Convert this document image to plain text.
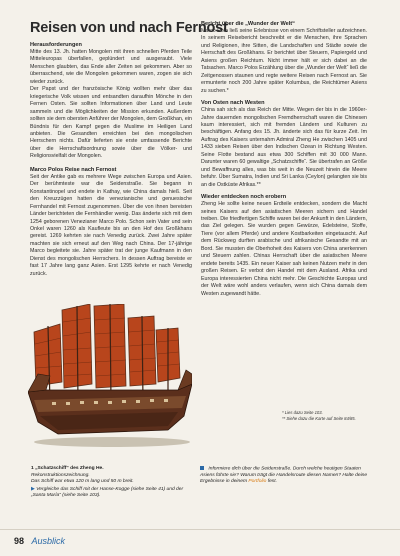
Reisen von und nach Fernost
Herausforderungen

Mitte des 13. Jh. hatten Mongolen mit ihren schnellen Pferden Teile Mitteleuropas überfallen, geplündert und ausgeraubt. Viele Menschen glaubten, das Ende aller Zeiten sei gekommen. Aber so überraschend, wie die Mongolen gekommen waren, zogen sie sich wieder zurück.

Der Papst und der französische König wollten mehr über das kriegerische Volk wissen und entsandten daraufhin Mönche in den Fernen Osten. Sie sollten Informationen über Land und Leute sammeln und die Möglichkeiten der Mission erkunden. Außerdem sollten sie dem obersten Anführer der Mongolen, dem Großkhan, ein Bündnis für den Kampf gegen die Muslime im Heiligen Land anbieten. Die Gesandten erreichten bei den mongolischen Herrschern nichts. Dafür lieferten sie erste umfassende Berichte über die Herrschaftsordnung sowie über die Völker- und Religionsvielfalt der Mongolen.

Marco Polos Reise nach Fernost

Seit der Antike gab es mehrere Wege zwischen Europa und Asien. Der berühmteste war die Seidenstraße. Sie begann in Konstantinopel und endete in Kathay, wie China damals hieß. Seit den Kreuzzügen hatten die venezianische und genuesische Fernhandel mit Fernost zugenommen. Über die von ihnen bereisten Länder berichteten die Fernhändler wenig. Das änderte sich mit dem 1254 geborenen Venezianer Marco Polo. Schon sein Vater und sein Onkel waren 1260 als Kaufleute bis an den Hof des Großkhans gereist. 1269 kehrten sie nach Venedig zurück. Zwei Jahre später machten sie sich erneut auf den Weg nach China. Der 17-jährige Marco begleitete sie. Jahre später trat der junge Kaufmann in den Dienst des mongolischen Herrschers. In dessen Auftrag bereiste er fast 17 Jahre lang ganz Asien. Erst 1295 kehrte er nach Venedig zurück.

Bericht über die „Wunder der Welt“

Marco Polo ließ seine Erlebnisse von einem Schriftsteller aufzeichnen. In seinem Reisebericht beschreibt er die Menschen, ihre Sprachen und Religionen, ihre Sitten, die Landschaften und Städte sowie die Herrschaft des Großkhans. Er berichtet über Steuern, Papiergeld und Asiens großen Reichtum. Nicht immer hält er sich dabei an die Tatsachen. Marco Polos Erzählung über die „Wunder der Welt“ ließ die Zeitgenossen staunen und regte weitere Reisen nach Fernost an. Sie ermunterte noch 200 Jahre später Kolumbus, die Reichtümer Asiens zu suchen.*

Von Osten nach Westen

China sah sich als das Reich der Mitte. Wegen der bis in die 1960er-Jahre dauernden mongolischen Fremdherrschaft waren die Chinesen kaum interessiert, sich mit fremden Ländern und Kulturen zu beschäftigen. Anfang des 15. Jh. änderte sich das für kurze Zeit. Im Auftrag des Kaisers unternahm Admiral Zheng He zwischen 1405 und 1433 sieben Reisen über den Indischen Ozean in Richtung Westen. Seine Flotte bestand aus etwa 300 Schiffen mit 30 000 Mann. Darunter waren 60 gewaltige „Schatzschiffe“. Sie übertrafen an Größe und Bewaffnung alles, was bis weit in die Neuzeit hinein die Meere befuhr. Über Sumatra, Indien und Sri Lanka (Ceylon) gelangten sie bis an die Ostküste Afrikas.**

Wieder entdecken noch erobern

Zheng He sollte keine neuen Erdteile entdecken, sondern die Macht seines Kaisers auf den asiatischen Meeren sichern und Handel treiben. Die friedfertigen Schiffe waren bei der Ankunft in den Ländern, das Ziel gelegen. Sie wurden gegen Gewürze, Edelsteine, Stoffe, Tiere (vor allem Pferde) und andere Kostbarkeiten eingetauscht. Auf dem Rückweg durften arabische und afrikanische Gesandte mit an Bord. Sie mussten die Oberhoheit des Kaisers von China anerkennen und Steuern zahlen. Chinas Herrschaft über die asiatischen Meere endete bereits 1435. Ein neuer Kaiser sah keinen Nutzen mehr in den großen Reisen. Er verbot den Handel mit dem Ausland. Afrika und Europa interessierten China nicht mehr. Die Geschichte Europas und der Welt wäre wohl anders verlaufen, wenn sich China damals dem Westen zugewandt hätte.

* Lies dazu Seite 103.
** Siehe dazu die Karte auf Seite 84/85.
1 „Schatzschiff“ des Zheng He.
Rekonstruktionszeichnung.
Das Schiff war etwa 120 m lang und 50 m breit.
▶ Vergleiche das Schiff mit der Hanse-Kogge (siehe Seite 41) und der „Santa María“ (siehe Seite 103).
Informiere dich über die Seidenstraße. Durch welche heutigen Staaten Asiens führte sie? Warum trägt die Handelsroute diesen Namen? Halte deine Ergebnisse in deinem Portfolio fest.
98 Ausblick
